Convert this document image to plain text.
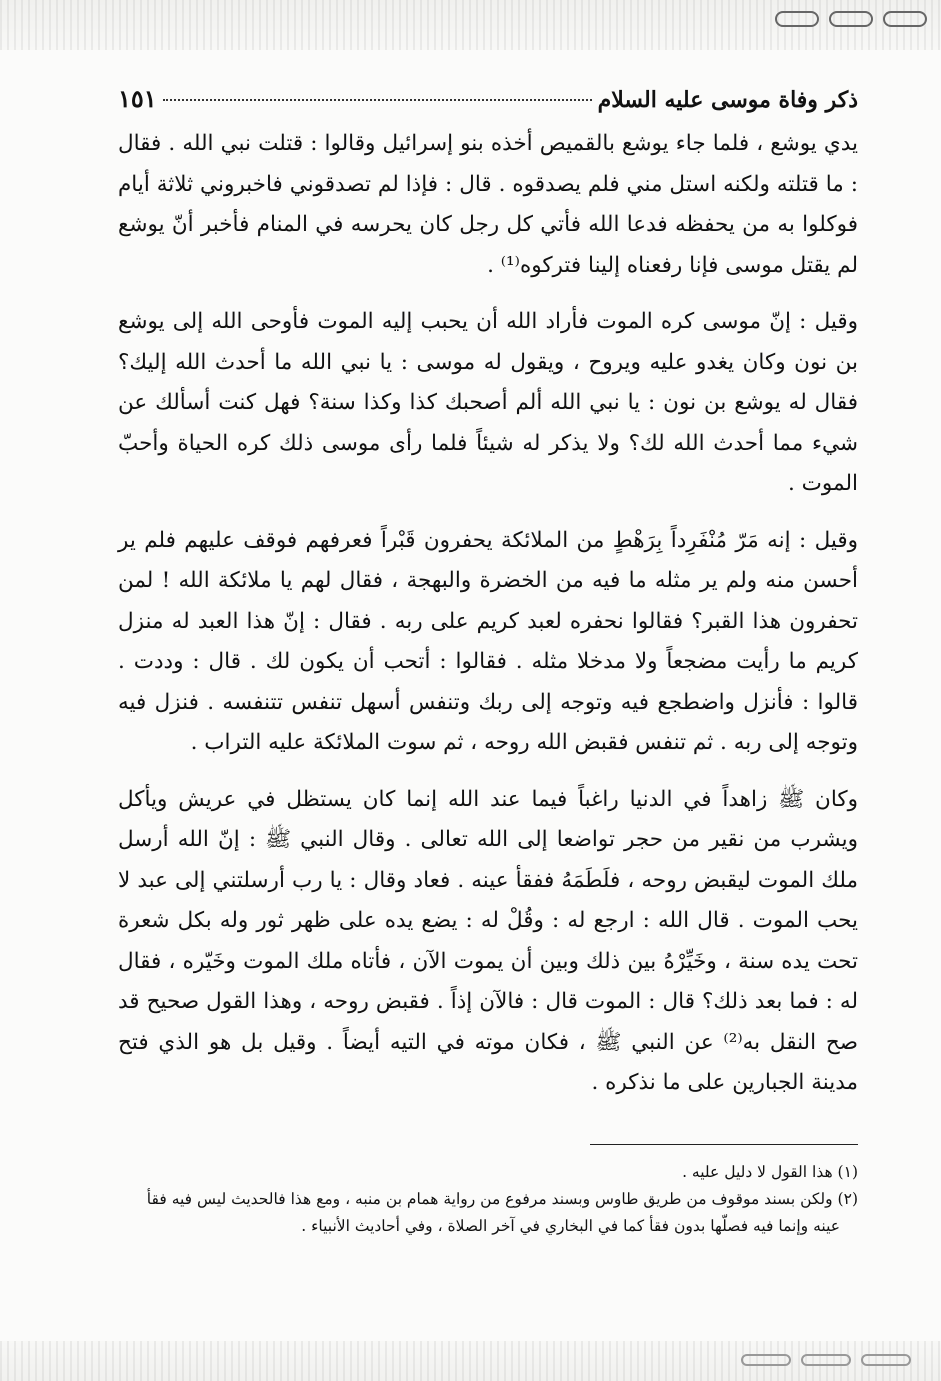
ذكر وفاة موسى عليه السلام
١٥١

يدي يوشع ، فلما جاء يوشع بالقميص أخذه بنو إسرائيل وقالوا : قتلت نبي الله . فقال : ما قتلته ولكنه استل مني فلم يصدقوه . قال : فإذا لم تصدقوني فاخبروني ثلاثة أيام فوكلوا به من يحفظه فدعا الله فأتي كل رجل كان يحرسه في المنام فأخبر أنّ يوشع لم يقتل موسى فإنا رفعناه إلينا فتركوه⁽¹⁾ .

وقيل : إنّ موسى كره الموت فأراد الله أن يحبب إليه الموت فأوحى الله إلى يوشع بن نون وكان يغدو عليه ويروح ، ويقول له موسى : يا نبي الله ما أحدث الله إليك؟ فقال له يوشع بن نون : يا نبي الله ألم أصحبك كذا وكذا سنة؟ فهل كنت أسألك عن شيء مما أحدث الله لك؟ ولا يذكر له شيئاً فلما رأى موسى ذلك كره الحياة وأحبّ الموت .

وقيل : إنه مَرّ مُنْفَرِداً بِرَهْطٍ من الملائكة يحفرون قَبْراً فعرفهم فوقف عليهم فلم ير أحسن منه ولم ير مثله ما فيه من الخضرة والبهجة ، فقال لهم يا ملائكة الله ! لمن تحفرون هذا القبر؟ فقالوا نحفره لعبد كريم على ربه . فقال : إنّ هذا العبد له منزل كريم ما رأيت مضجعاً ولا مدخلا مثله . فقالوا : أتحب أن يكون لك . قال : وددت . قالوا : فأنزل واضطجع فيه وتوجه إلى ربك وتنفس أسهل تنفس تتنفسه . فنزل فيه وتوجه إلى ربه . ثم تنفس فقبض الله روحه ، ثم سوت الملائكة عليه التراب .

وكان ﷺ زاهداً في الدنيا راغباً فيما عند الله إنما كان يستظل في عريش ويأكل ويشرب من نقير من حجر تواضعا إلى الله تعالى . وقال النبي ﷺ : إنّ الله أرسل ملك الموت ليقبض روحه ، فلَطَمَهُ ففقأ عينه . فعاد وقال : يا رب أرسلتني إلى عبد لا يحب الموت . قال الله : ارجع له : وقُلْ له : يضع يده على ظهر ثور وله بكل شعرة تحت يده سنة ، وخَيِّرْهُ بين ذلك وبين أن يموت الآن ، فأتاه ملك الموت وخَيّره ، فقال له : فما بعد ذلك؟ قال : الموت قال : فالآن إذاً . فقبض روحه ، وهذا القول صحيح قد صح النقل به⁽²⁾ عن النبي ﷺ ، فكان موته في التيه أيضاً . وقيل بل هو الذي فتح مدينة الجبارين على ما نذكره .

(١) هذا القول لا دليل عليه .

(٢) ولكن بسند موقوف من طريق طاوس وبسند مرفوع من رواية همام بن منبه ، ومع هذا فالحديث ليس فيه فقأ

عينه وإنما فيه فصلّها بدون فقأ كما في البخاري في آخر الصلاة ، وفي أحاديث الأنبياء .
